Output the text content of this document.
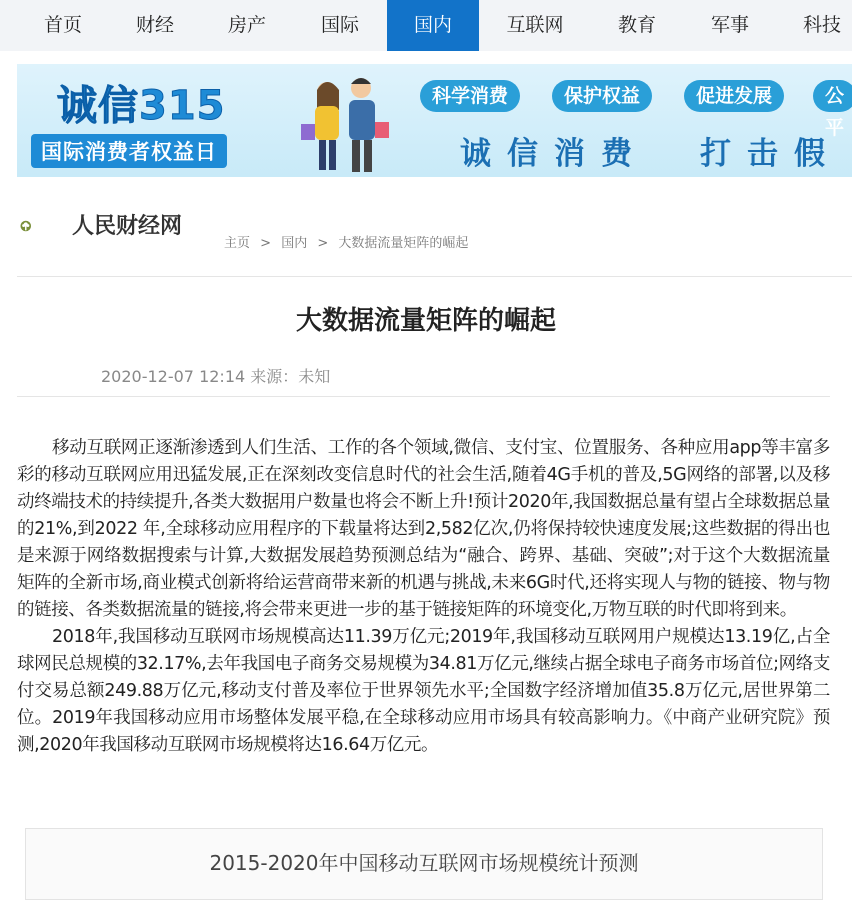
首页	财经	房产	国际	国内	互联网	教育	军事	科技
诚信315
国际消费者权益日
科学消费	保护权益	促进发展	公平
诚信消费 打击假
人民财经网
主页 > 国内 > 大数据流量矩阵的崛起
大数据流量矩阵的崛起
2020-12-07 12:14 来源：未知

移动互联网正逐渐渗透到人们生活、工作的各个领域,微信、支付宝、位置服务、各种应用app等丰富多彩的移动互联网应用迅猛发展,正在深刻改变信息时代的社会生活,随着4G手机的普及,5G网络的部署,以及移动终端技术的持续提升,各类大数据用户数量也将会不断上升!预计2020年,我国数据总量有望占全球数据总量的21%,到2022 年,全球移动应用程序的下载量将达到2,582亿次,仍将保持较快速度发展;这些数据的得出也是来源于网络数据搜索与计算,大数据发展趋势预测总结为“融合、跨界、基础、突破”;对于这个大数据流量矩阵的全新市场,商业模式创新将给运营商带来新的机遇与挑战,未来6G时代,还将实现人与物的链接、物与物的链接、各类数据流量的链接,将会带来更进一步的基于链接矩阵的环境变化,万物互联的时代即将到来。

2018年,我国移动互联网市场规模高达11.39万亿元;2019年,我国移动互联网用户规模达13.19亿,占全球网民总规模的32.17%,去年我国电子商务交易规模为34.81万亿元,继续占据全球电子商务市场首位;网络支付交易总额249.88万亿元,移动支付普及率位于世界领先水平;全国数字经济增加值35.8万亿元,居世界第二位。2019年我国移动应用市场整体发展平稳,在全球移动应用市场具有较高影响力。《中商产业研究院》预测,2020年我国移动互联网市场规模将达16.64万亿元。

2015-2020年中国移动互联网市场规模统计预测
